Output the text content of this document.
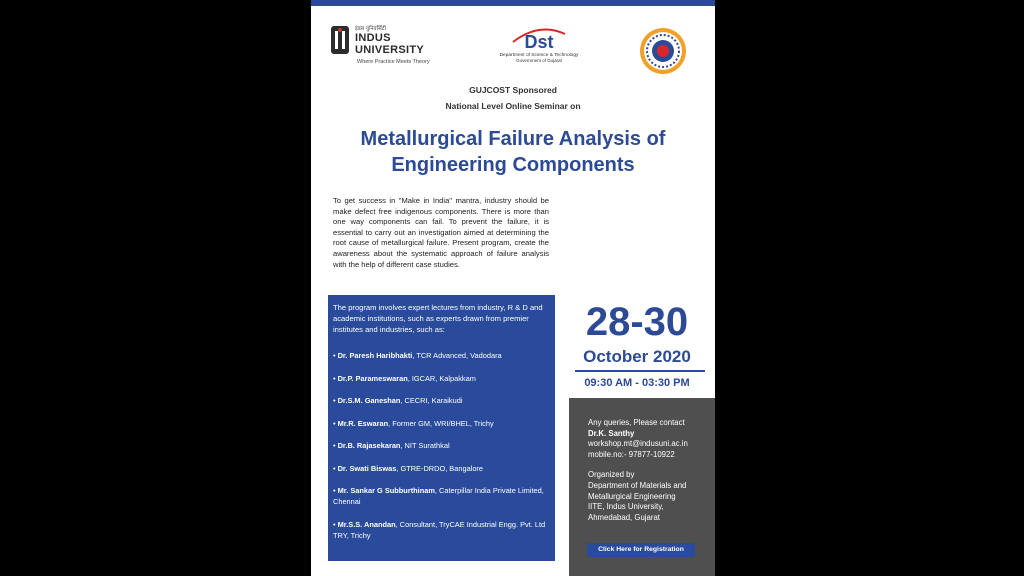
इंडस युनिवर्सिटी
INDUS
UNIVERSITY
Where Practice Meets Theory
Dst
Department of Science & Technology
Government of Gujarat
GUJCOST Sponsored
National Level Online Seminar on
Metallurgical Failure Analysis of
Engineering Components
To get success in "Make in India" mantra, industry should be make defect free indigenous components. There is more than one way components can fail. To prevent the failure, it is essential to carry out an investigation aimed at determining the root cause of metallurgical failure. Present program, create the awareness about the systematic approach of failure analysis with the help of different case studies.
The program involves expert lectures from industry, R & D and academic institutions, such as experts drawn from premier institutes and industries, such as:
• Dr. Paresh Haribhakti, TCR Advanced, Vadodara
• Dr.P. Parameswaran, IGCAR, Kalpakkam
• Dr.S.M. Ganeshan, CECRI, Karaikudi
• Mr.R. Eswaran, Former GM, WRI/BHEL, Trichy
• Dr.B. Rajasekaran, NIT Surathkal
• Dr. Swati Biswas, GTRE-DRDO, Bangalore
• Mr. Sankar G Subburthinam, Caterpillar India Private Limited, Chennai
• Mr.S.S. Anandan, Consultant, TryCAE Industrial Engg. Pvt. Ltd TRY, Trichy
28-30
October 2020
09:30 AM - 03:30 PM
Any queries, Please contact
Dr.K. Santhy
workshop.mt@indusuni.ac.in
mobile.no:- 97877-10922
Organized by
Department of Materials and
Metallurgical Engineering
IITE, Indus University,
Ahmedabad, Gujarat
Click Here for Registration
